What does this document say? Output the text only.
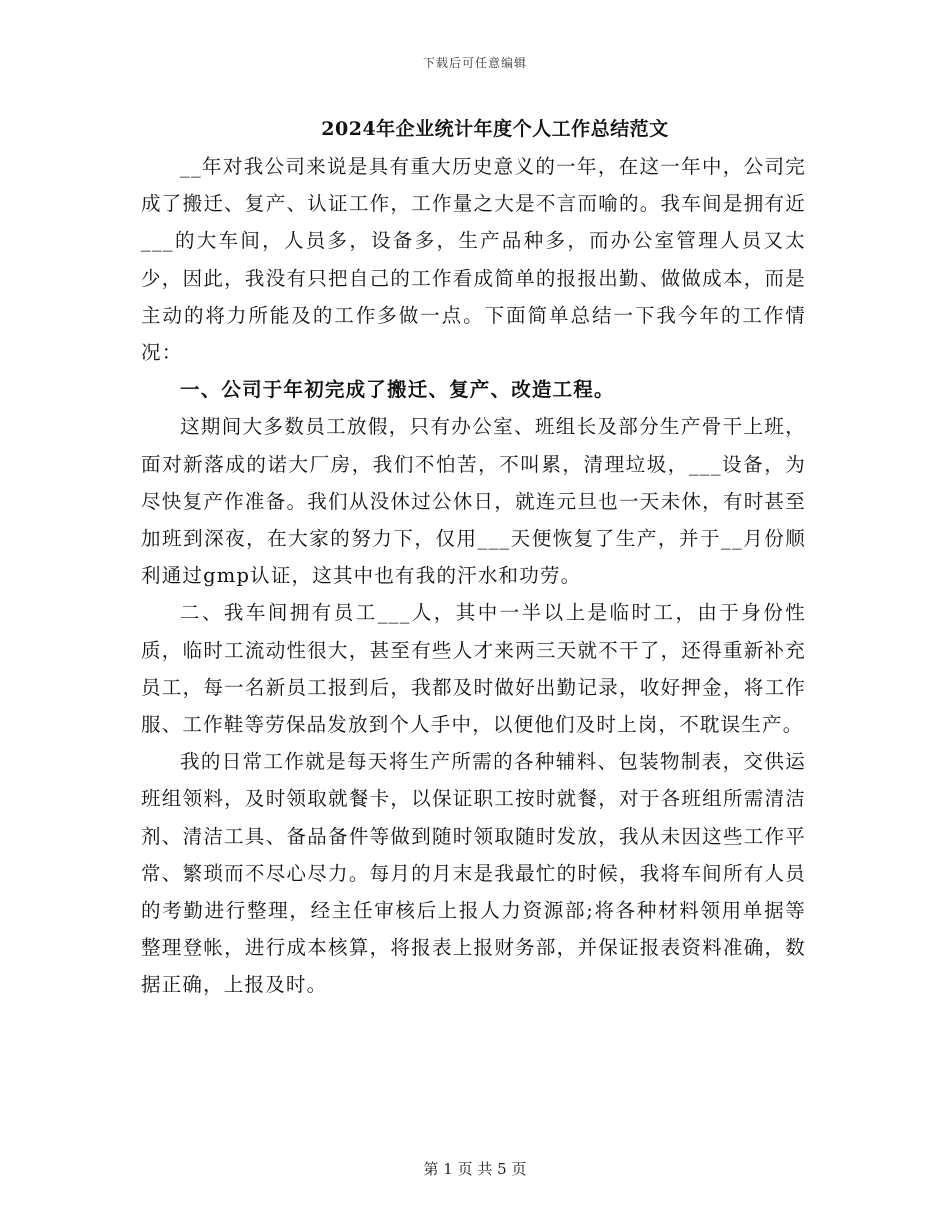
下载后可任意编辑
2024年企业统计年度个人工作总结范文

__年对我公司来说是具有重大历史意义的一年，在这一年中，公司完成了搬迁、复产、认证工作，工作量之大是不言而喻的。我车间是拥有近___的大车间，人员多，设备多，生产品种多，而办公室管理人员又太少，因此，我没有只把自己的工作看成简单的报报出勤、做做成本，而是主动的将力所能及的工作多做一点。下面简单总结一下我今年的工作情况：

一、公司于年初完成了搬迁、复产、改造工程。

这期间大多数员工放假，只有办公室、班组长及部分生产骨干上班，面对新落成的诺大厂房，我们不怕苦，不叫累，清理垃圾，___设备，为尽快复产作准备。我们从没休过公休日，就连元旦也一天未休，有时甚至加班到深夜，在大家的努力下，仅用___天便恢复了生产，并于__月份顺利通过gmp认证，这其中也有我的汗水和功劳。

二、我车间拥有员工___人，其中一半以上是临时工，由于身份性质，临时工流动性很大，甚至有些人才来两三天就不干了，还得重新补充员工，每一名新员工报到后，我都及时做好出勤记录，收好押金，将工作服、工作鞋等劳保品发放到个人手中，以便他们及时上岗，不耽误生产。

我的日常工作就是每天将生产所需的各种辅料、包装物制表，交供运班组领料，及时领取就餐卡，以保证职工按时就餐，对于各班组所需清洁剂、清洁工具、备品备件等做到随时领取随时发放，我从未因这些工作平常、繁琐而不尽心尽力。每月的月末是我最忙的时候，我将车间所有人员的考勤进行整理，经主任审核后上报人力资源部;将各种材料领用单据等整理登帐，进行成本核算，将报表上报财务部，并保证报表资料准确，数据正确，上报及时。

第 1 页 共 5 页
